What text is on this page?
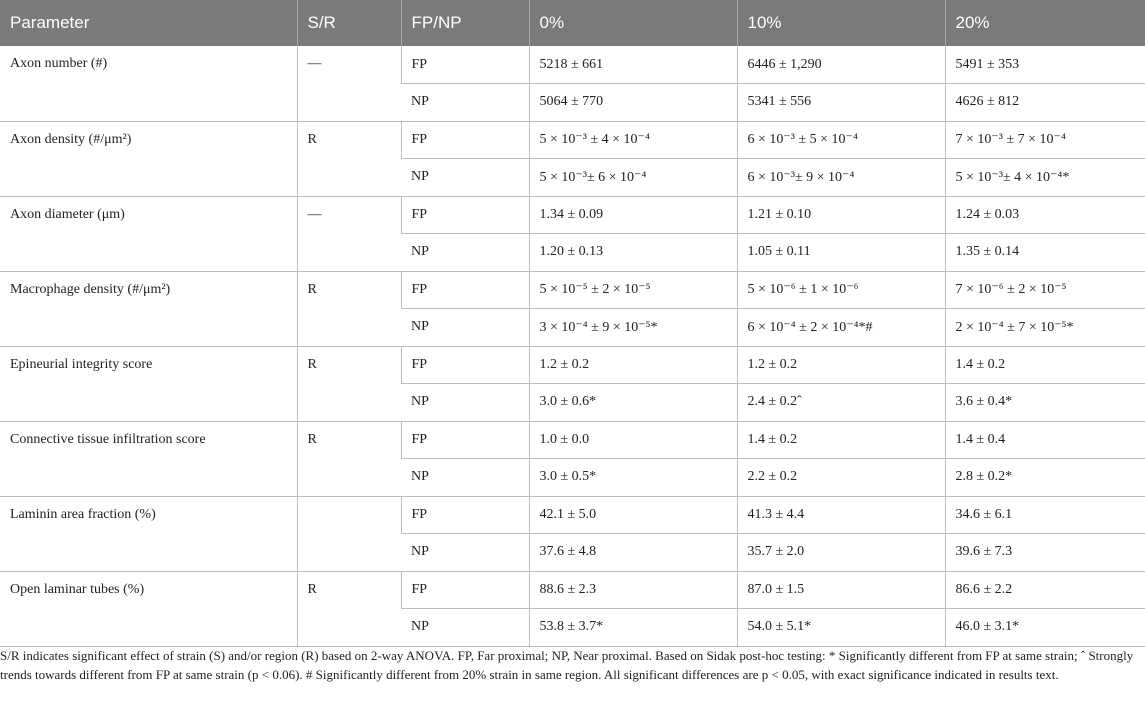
Parameter	S/R	FP/NP	0%	10%	20%
Axon number (#)	—	FP	5218 ± 661	6446 ± 1,290	5491 ± 353
		NP	5064 ± 770	5341 ± 556	4626 ± 812
Axon density (#/μm²)	R	FP	5 × 10⁻³ ± 4 × 10⁻⁴	6 × 10⁻³ ± 5 × 10⁻⁴	7 × 10⁻³ ± 7 × 10⁻⁴
		NP	5 × 10⁻³± 6 × 10⁻⁴	6 × 10⁻³± 9 × 10⁻⁴	5 × 10⁻³± 4 × 10⁻⁴*
Axon diameter (μm)	—	FP	1.34 ± 0.09	1.21 ± 0.10	1.24 ± 0.03
		NP	1.20 ± 0.13	1.05 ± 0.11	1.35 ± 0.14
Macrophage density (#/μm²)	R	FP	5 × 10⁻⁵ ± 2 × 10⁻⁵	5 × 10⁻⁶ ± 1 × 10⁻⁶	7 × 10⁻⁶ ± 2 × 10⁻⁵
		NP	3 × 10⁻⁴ ± 9 × 10⁻⁵*	6 × 10⁻⁴ ± 2 × 10⁻⁴*#	2 × 10⁻⁴ ± 7 × 10⁻⁵*
Epineurial integrity score	R	FP	1.2 ± 0.2	1.2 ± 0.2	1.4 ± 0.2
		NP	3.0 ± 0.6*	2.4 ± 0.2ˆ	3.6 ± 0.4*
Connective tissue infiltration score	R	FP	1.0 ± 0.0	1.4 ± 0.2	1.4 ± 0.4
		NP	3.0 ± 0.5*	2.2 ± 0.2	2.8 ± 0.2*
Laminin area fraction (%)		FP	42.1 ± 5.0	41.3 ± 4.4	34.6 ± 6.1
		NP	37.6 ± 4.8	35.7 ± 2.0	39.6 ± 7.3
Open laminar tubes (%)	R	FP	88.6 ± 2.3	87.0 ± 1.5	86.6 ± 2.2
		NP	53.8 ± 3.7*	54.0 ± 5.1*	46.0 ± 3.1*
S/R indicates significant effect of strain (S) and/or region (R) based on 2-way ANOVA. FP, Far proximal; NP, Near proximal. Based on Sidak post-hoc testing: * Significantly different from FP at same strain; ˆ Strongly trends towards different from FP at same strain (p < 0.06). # Significantly different from 20% strain in same region. All significant differences are p < 0.05, with exact significance indicated in results text.
